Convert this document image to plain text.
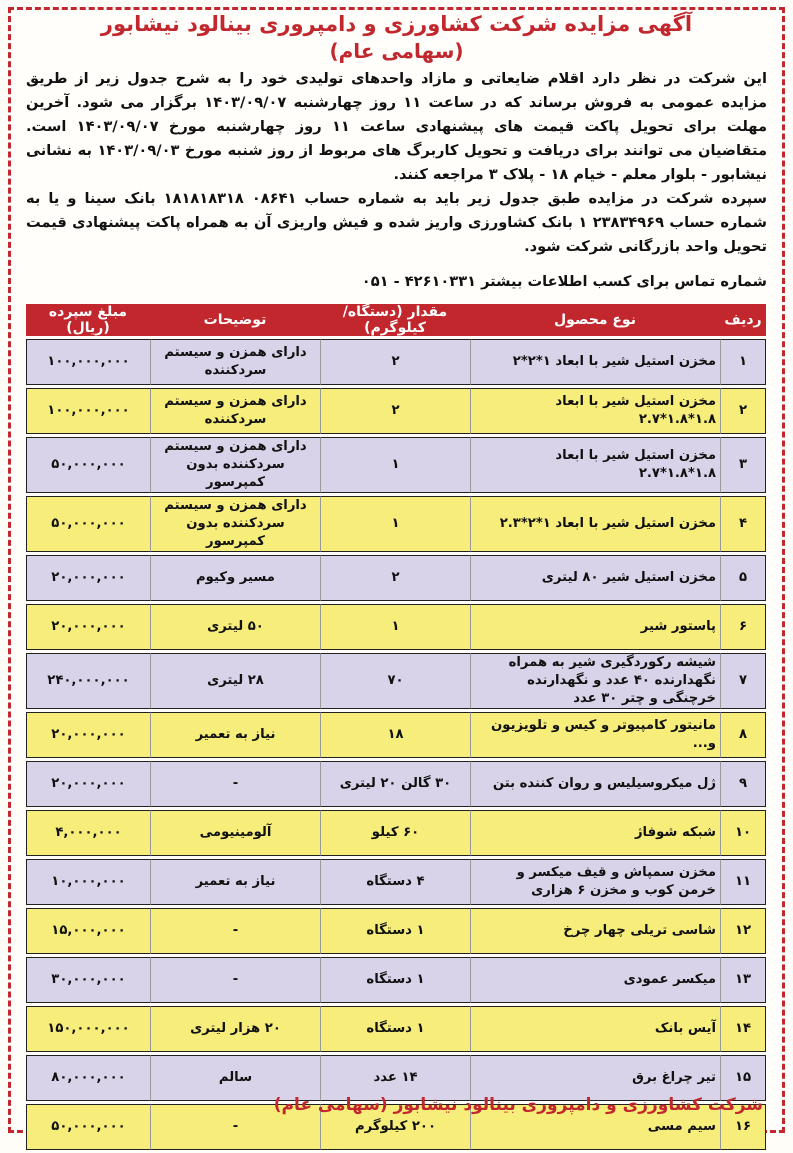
آگهی مزایده شرکت کشاورزی و دامپروری بینالود نیشابور
(سهامی عام)

این شرکت در نظر دارد اقلام ضایعاتی و مازاد واحدهای تولیدی خود را به شرح جدول زیر از طریق مزایده عمومی به فروش برساند که در ساعت ۱۱ روز چهارشنبه ۱۴۰۳/۰۹/۰۷ برگزار می شود. آخرین مهلت برای تحویل پاکت قیمت های پیشنهادی ساعت ۱۱ روز چهارشنبه مورخ ۱۴۰۳/۰۹/۰۷ است. متقاضیان می توانند برای دریافت و تحویل کاربرگ های مربوط از روز شنبه مورخ ۱۴۰۳/۰۹/۰۳ به نشانی نیشابور - بلوار معلم - خیام ۱۸ - پلاک ۳ مراجعه کنند.

سپرده شرکت در مزایده طبق جدول زیر باید به شماره حساب ۰۸۶۴۱ ۱۸۱۸۱۸۳۱۸ بانک سینا و یا به شماره حساب ۲۳۸۳۴۹۶۹ ۱ بانک کشاورزی واریز شده و فیش واریزی آن به همراه پاکت پیشنهادی قیمت تحویل واحد بازرگانی شرکت شود.

شماره تماس برای کسب اطلاعات بیشتر ۴۲۶۱۰۳۳۱ - ۰۵۱
ردیف	نوع محصول	مقدار (دستگاه/کیلوگرم)	توضیحات	مبلغ سپرده (ریال)
۱	مخزن استیل شیر با ابعاد ۱*۲*۲	۲	دارای همزن و سیستم سردکننده	۱۰۰,۰۰۰,۰۰۰
۲	مخزن استیل شیر با ابعاد ۱.۸*۱.۸*۲.۷	۲	دارای همزن و سیستم سردکننده	۱۰۰,۰۰۰,۰۰۰
۳	مخزن استیل شیر با ابعاد ۱.۸*۱.۸*۲.۷	۱	دارای همزن و سیستم سردکننده بدون کمپرسور	۵۰,۰۰۰,۰۰۰
۴	مخزن استیل شیر با ابعاد ۱*۲*۲.۳	۱	دارای همزن و سیستم سردکننده بدون کمپرسور	۵۰,۰۰۰,۰۰۰
۵	مخزن استیل شیر ۸۰ لیتری	۲	مسیر وکیوم	۲۰,۰۰۰,۰۰۰
۶	پاستور شیر	۱	۵۰ لیتری	۲۰,۰۰۰,۰۰۰
۷	شیشه رکوردگیری شیر به همراه نگهدارنده ۴۰ عدد و نگهدارنده خرچنگی و چتر ۳۰ عدد	۷۰	۲۸ لیتری	۲۴۰,۰۰۰,۰۰۰
۸	مانیتور کامپیوتر و کیس و تلویزیون و...	۱۸	نیاز به تعمیر	۲۰,۰۰۰,۰۰۰
۹	ژل میکروسیلیس و روان کننده بتن	۳۰ گالن ۲۰ لیتری	-	۲۰,۰۰۰,۰۰۰
۱۰	شبکه شوفاژ	۶۰ کیلو	آلومینیومی	۴,۰۰۰,۰۰۰
۱۱	مخزن سمپاش و قیف میکسر و خرمن کوب و مخزن ۶ هزاری	۴ دستگاه	نیاز به تعمیر	۱۰,۰۰۰,۰۰۰
۱۲	شاسی تریلی چهار چرخ	۱ دستگاه	-	۱۵,۰۰۰,۰۰۰
۱۳	میکسر عمودی	۱ دستگاه	-	۳۰,۰۰۰,۰۰۰
۱۴	آیس بانک	۱ دستگاه	۲۰ هزار لیتری	۱۵۰,۰۰۰,۰۰۰
۱۵	تیر چراغ برق	۱۴ عدد	سالم	۸۰,۰۰۰,۰۰۰
۱۶	سیم مسی	۲۰۰ کیلوگرم	-	۵۰,۰۰۰,۰۰۰
شرکت کشاورزی و دامپروری بینالود نیشابور (سهامی عام)
